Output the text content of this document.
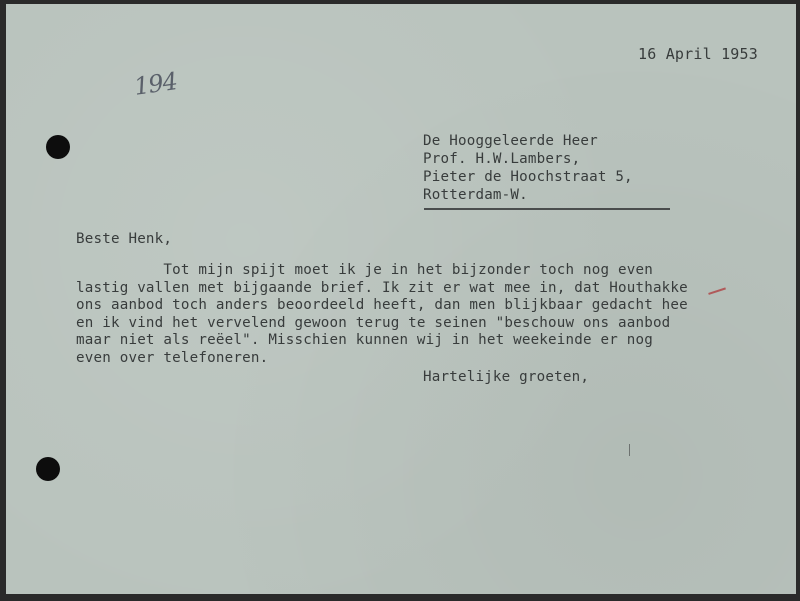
194
16 April 1953
De Hooggeleerde Heer
Prof. H.W.Lambers,
Pieter de Hoochstraat 5,
Rotterdam-W.
Beste Henk,
Tot mijn spijt moet ik je in het bijzonder toch nog even
lastig vallen met bijgaande brief. Ik zit er wat mee in, dat Houthakke
ons aanbod toch anders beoordeeld heeft, dan men blijkbaar gedacht hee
en ik vind het vervelend gewoon terug te seinen "beschouw ons aanbod
maar niet als reëel". Misschien kunnen wij in het weekeinde er nog
even over telefoneren.
Hartelijke groeten,
